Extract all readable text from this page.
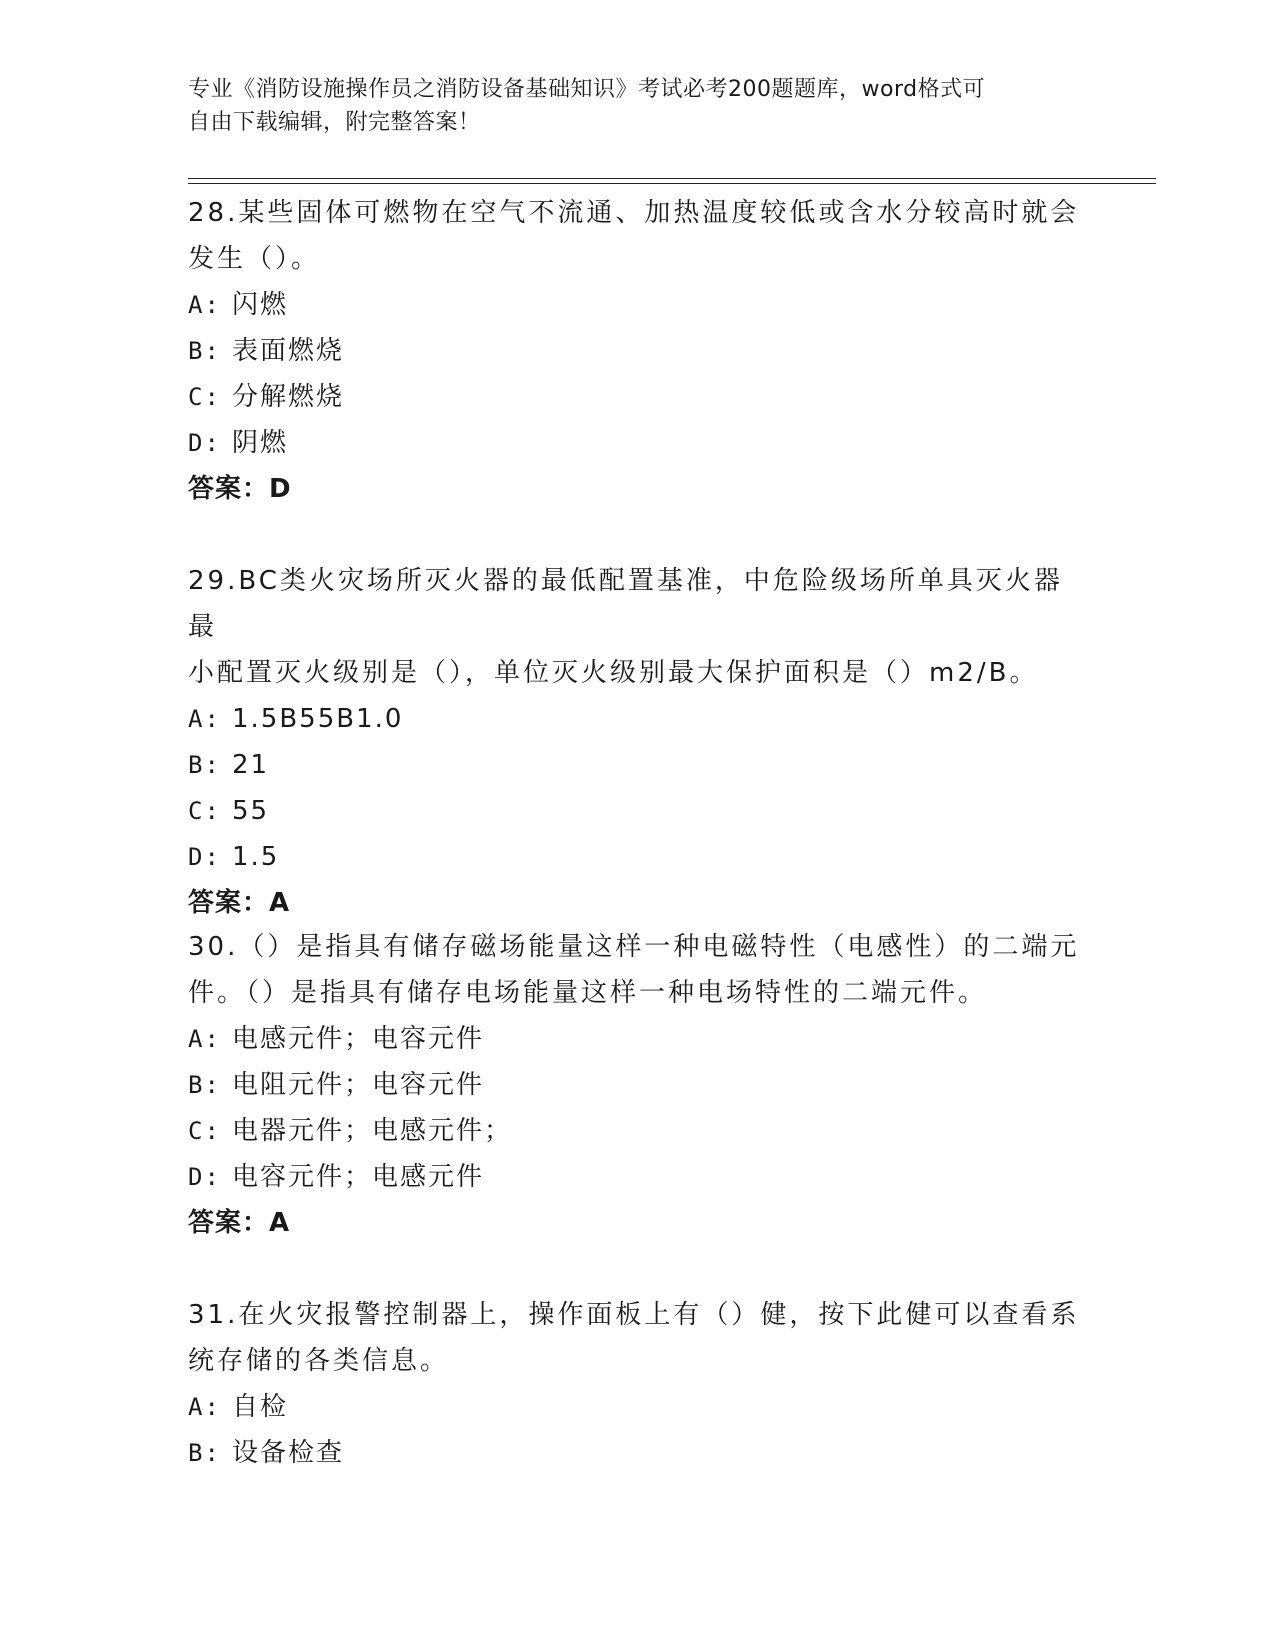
专业《消防设施操作员之消防设备基础知识》考试必考200题题库，word格式可
自由下载编辑，附完整答案！
28.某些固体可燃物在空气不流通、加热温度较低或含水分较高时就会
发生（）。
A: 闪燃
B: 表面燃烧
C: 分解燃烧
D: 阴燃
答案：D
29.BC类火灾场所灭火器的最低配置基准，中危险级场所单具灭火器最
小配置灭火级别是（），单位灭火级别最大保护面积是（）m2/B。
A: 1.5B55B1.0
B: 21
C: 55
D: 1.5
答案：A
30.（）是指具有储存磁场能量这样一种电磁特性（电感性）的二端元
件。（）是指具有储存电场能量这样一种电场特性的二端元件。
A: 电感元件；电容元件
B: 电阻元件；电容元件
C: 电器元件；电感元件；
D: 电容元件；电感元件
答案：A
31.在火灾报警控制器上，操作面板上有（）健，按下此健可以查看系
统存储的各类信息。
A: 自检
B: 设备检查
